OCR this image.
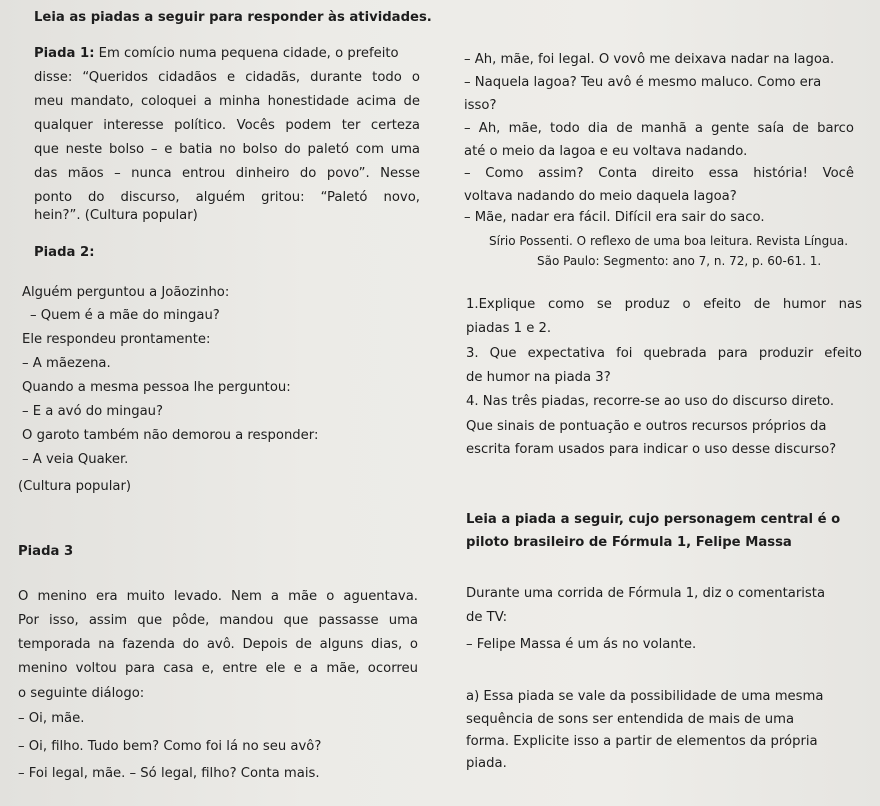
Leia as piadas a seguir para responder às atividades.
Piada 1: Em comício numa pequena cidade, o prefeito
disse: “Queridos cidadãos e cidadãs, durante todo o
meu mandato, coloquei a minha honestidade acima de
qualquer interesse político. Vocês podem ter certeza
que neste bolso – e batia no bolso do paletó com uma
das mãos – nunca entrou dinheiro do povo”. Nesse
ponto do discurso, alguém gritou: “Paletó novo,
hein?”. (Cultura popular)
Piada 2:
Alguém perguntou a Joãozinho:
– Quem é a mãe do mingau?
Ele respondeu prontamente:
– A mãezena.
Quando a mesma pessoa lhe perguntou:
– E a avó do mingau?
O garoto também não demorou a responder:
– A veia Quaker.
(Cultura popular)
Piada 3
O menino era muito levado. Nem a mãe o aguentava.
Por isso, assim que pôde, mandou que passasse uma
temporada na fazenda do avô. Depois de alguns dias, o
menino voltou para casa e, entre ele e a mãe, ocorreu
o seguinte diálogo:
– Oi, mãe.
– Oi, filho. Tudo bem? Como foi lá no seu avô?
– Foi legal, mãe. – Só legal, filho? Conta mais.
– Ah, mãe, foi legal. O vovô me deixava nadar na lagoa.
– Naquela lagoa? Teu avô é mesmo maluco. Como era
isso?
– Ah, mãe, todo dia de manhã a gente saía de barco
até o meio da lagoa e eu voltava nadando.
– Como assim? Conta direito essa história! Você
voltava nadando do meio daquela lagoa?
– Mãe, nadar era fácil. Difícil era sair do saco.
Sírio Possenti. O reflexo de uma boa leitura. Revista Língua.
São Paulo: Segmento: ano 7, n. 72, p. 60-61. 1.
1.Explique como se produz o efeito de humor nas
piadas 1 e 2.
3. Que expectativa foi quebrada para produzir efeito
de humor na piada 3?
4. Nas três piadas, recorre-se ao uso do discurso direto.
Que sinais de pontuação e outros recursos próprios da
escrita foram usados para indicar o uso desse discurso?
Leia a piada a seguir, cujo personagem central é o
piloto brasileiro de Fórmula 1, Felipe Massa
Durante uma corrida de Fórmula 1, diz o comentarista
de TV:
– Felipe Massa é um ás no volante.
a) Essa piada se vale da possibilidade de uma mesma
sequência de sons ser entendida de mais de uma
forma. Explicite isso a partir de elementos da própria
piada.
